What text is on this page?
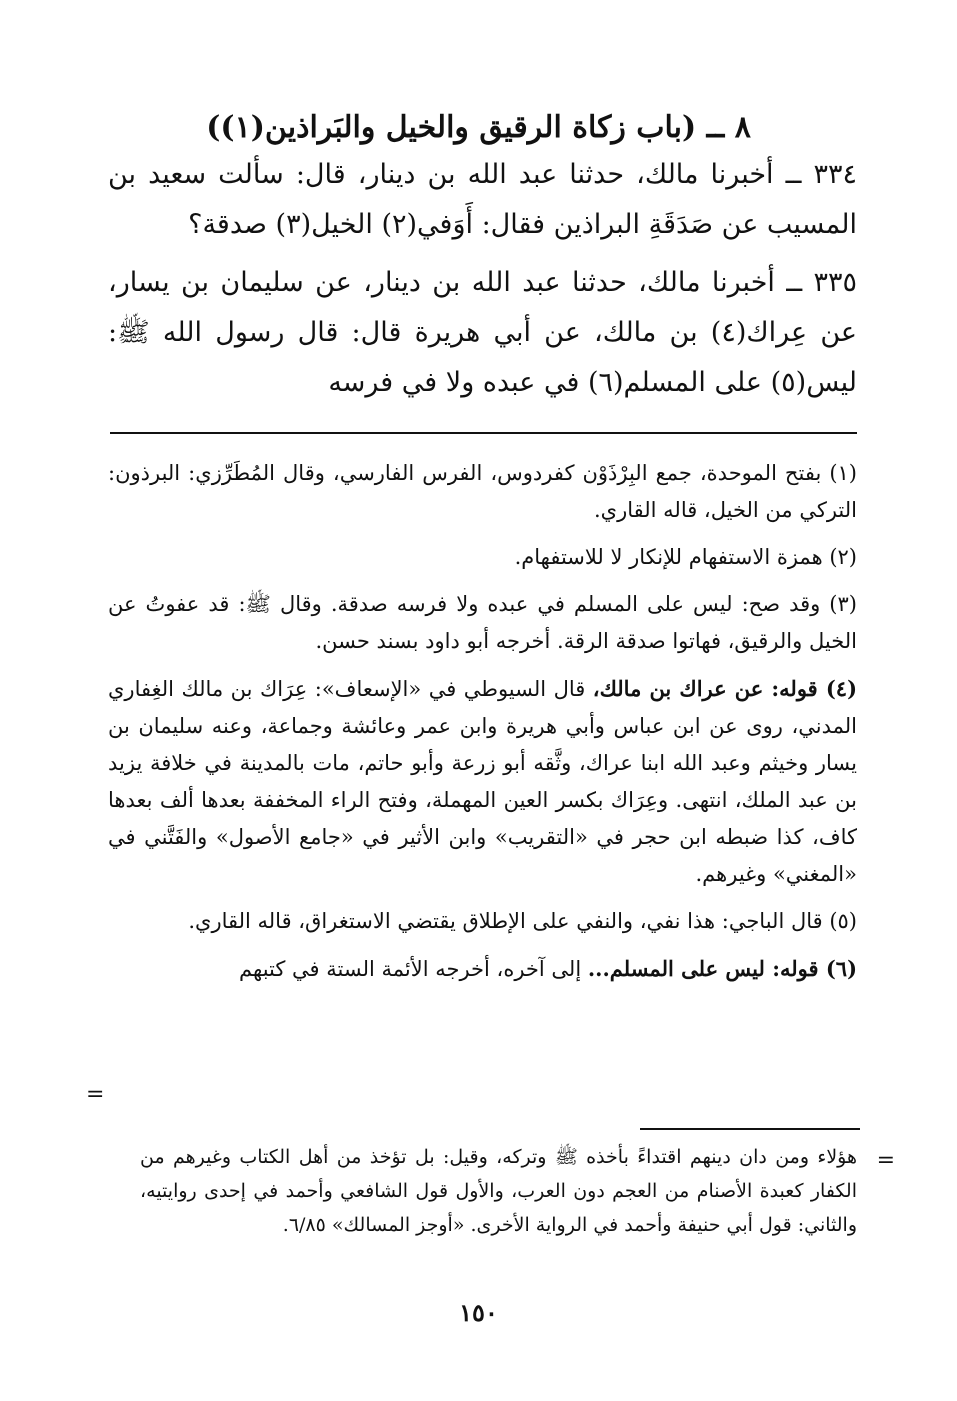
٨ ــ (باب زكاة الرقيق والخيل والبَراذين(١))

٣٣٤ ــ أخبرنا مالك، حدثنا عبد الله بن دينار، قال: سألت سعيد بن المسيب عن صَدَقَةِ البراذين فقال: أَوَفي(٢) الخيل(٣) صدقة؟

٣٣٥ ــ أخبرنا مالك، حدثنا عبد الله بن دينار، عن سليمان بن يسار، عن عِراك(٤) بن مالك، عن أبي هريرة قال: قال رسول الله ﷺ: ليس(٥) على المسلم(٦) في عبده ولا في فرسه

(١) بفتح الموحدة، جمع البِرْذَوْن كفردوس، الفرس الفارسي، وقال المُطَرِّزي: البرذون: التركي من الخيل، قاله القاري.

(٢) همزة الاستفهام للإنكار لا للاستفهام.

(٣) وقد صح: ليس على المسلم في عبده ولا فرسه صدقة. وقال ﷺ: قد عفوتُ عن الخيل والرقيق، فهاتوا صدقة الرقة. أخرجه أبو داود بسند حسن.

(٤) قوله: عن عراك بن مالك، قال السيوطي في «الإسعاف»: عِرَاك بن مالك الغِفاري المدني، روى عن ابن عباس وأبي هريرة وابن عمر وعائشة وجماعة، وعنه سليمان بن يسار وخيثم وعبد الله ابنا عراك، وثَّقه أبو زرعة وأبو حاتم، مات بالمدينة في خلافة يزيد بن عبد الملك، انتهى. وعِرَاك بكسر العين المهملة، وفتح الراء المخففة بعدها ألف بعدها كاف، كذا ضبطه ابن حجر في «التقريب» وابن الأثير في «جامع الأصول» والفَتَّني في «المغني» وغيرهم.

(٥) قال الباجي: هذا نفي، والنفي على الإطلاق يقتضي الاستغراق، قاله القاري.

(٦) قوله: ليس على المسلم... إلى آخره، أخرجه الأئمة الستة في كتبهم

=
=
هؤلاء ومن دان دينهم اقتداءً بأخذه ﷺ وتركه، وقيل: بل تؤخذ من أهل الكتاب وغيرهم من الكفار كعبدة الأصنام من العجم دون العرب، والأول قول الشافعي وأحمد في إحدى روايتيه، والثاني: قول أبي حنيفة وأحمد في الرواية الأخرى. «أوجز المسالك» ٦/٨٥.
١٥٠
